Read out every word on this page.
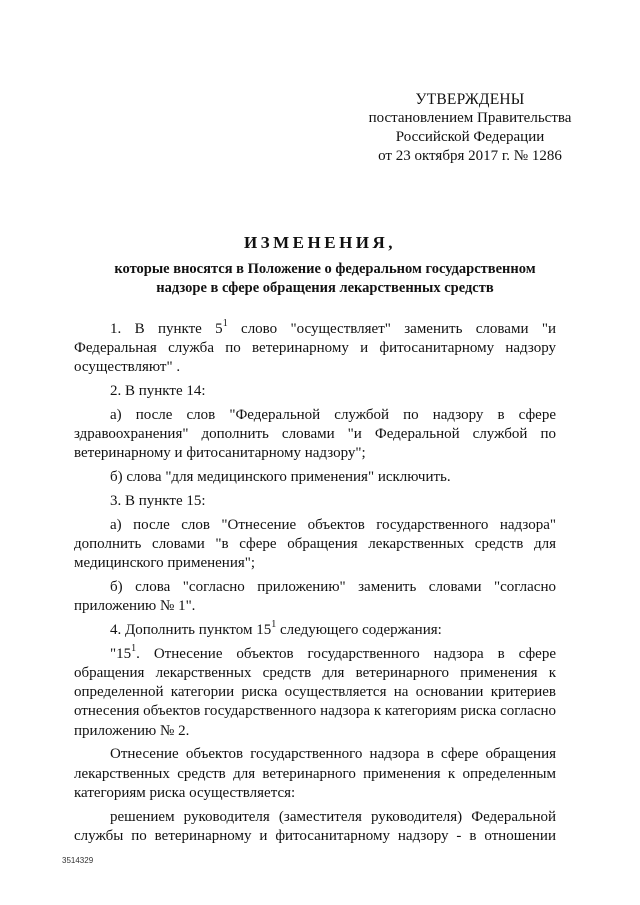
УТВЕРЖДЕНЫ
постановлением Правительства
Российской Федерации
от 23 октября 2017 г. № 1286
ИЗМЕНЕНИЯ,
которые вносятся в Положение о федеральном государственном
надзоре в сфере обращения лекарственных средств

1. В пункте $5^1$ слово "осуществляет" заменить словами "и Федеральная служба по ветеринарному и фитосанитарному надзору осуществляют" .

2. В пункте 14:

а) после слов "Федеральной службой по надзору в сфере здравоохранения" дополнить словами "и Федеральной службой по ветеринарному и фитосанитарному надзору";

б) слова "для медицинского применения" исключить.

3. В пункте 15:

а) после слов "Отнесение объектов государственного надзора" дополнить словами "в сфере обращения лекарственных средств для медицинского применения";

б) слова "согласно приложению" заменить словами "согласно приложению № 1".

4. Дополнить пунктом $15^1$ следующего содержания:

"$15^1$. Отнесение объектов государственного надзора в сфере обращения лекарственных средств для ветеринарного применения к определенной категории риска осуществляется на основании критериев отнесения объектов государственного надзора к категориям риска согласно приложению № 2.

Отнесение объектов государственного надзора в сфере обращения лекарственных средств для ветеринарного применения к определенным категориям риска осуществляется:

решением руководителя (заместителя руководителя) Федеральной службы по ветеринарному и фитосанитарному надзору - в отношении

3514329
